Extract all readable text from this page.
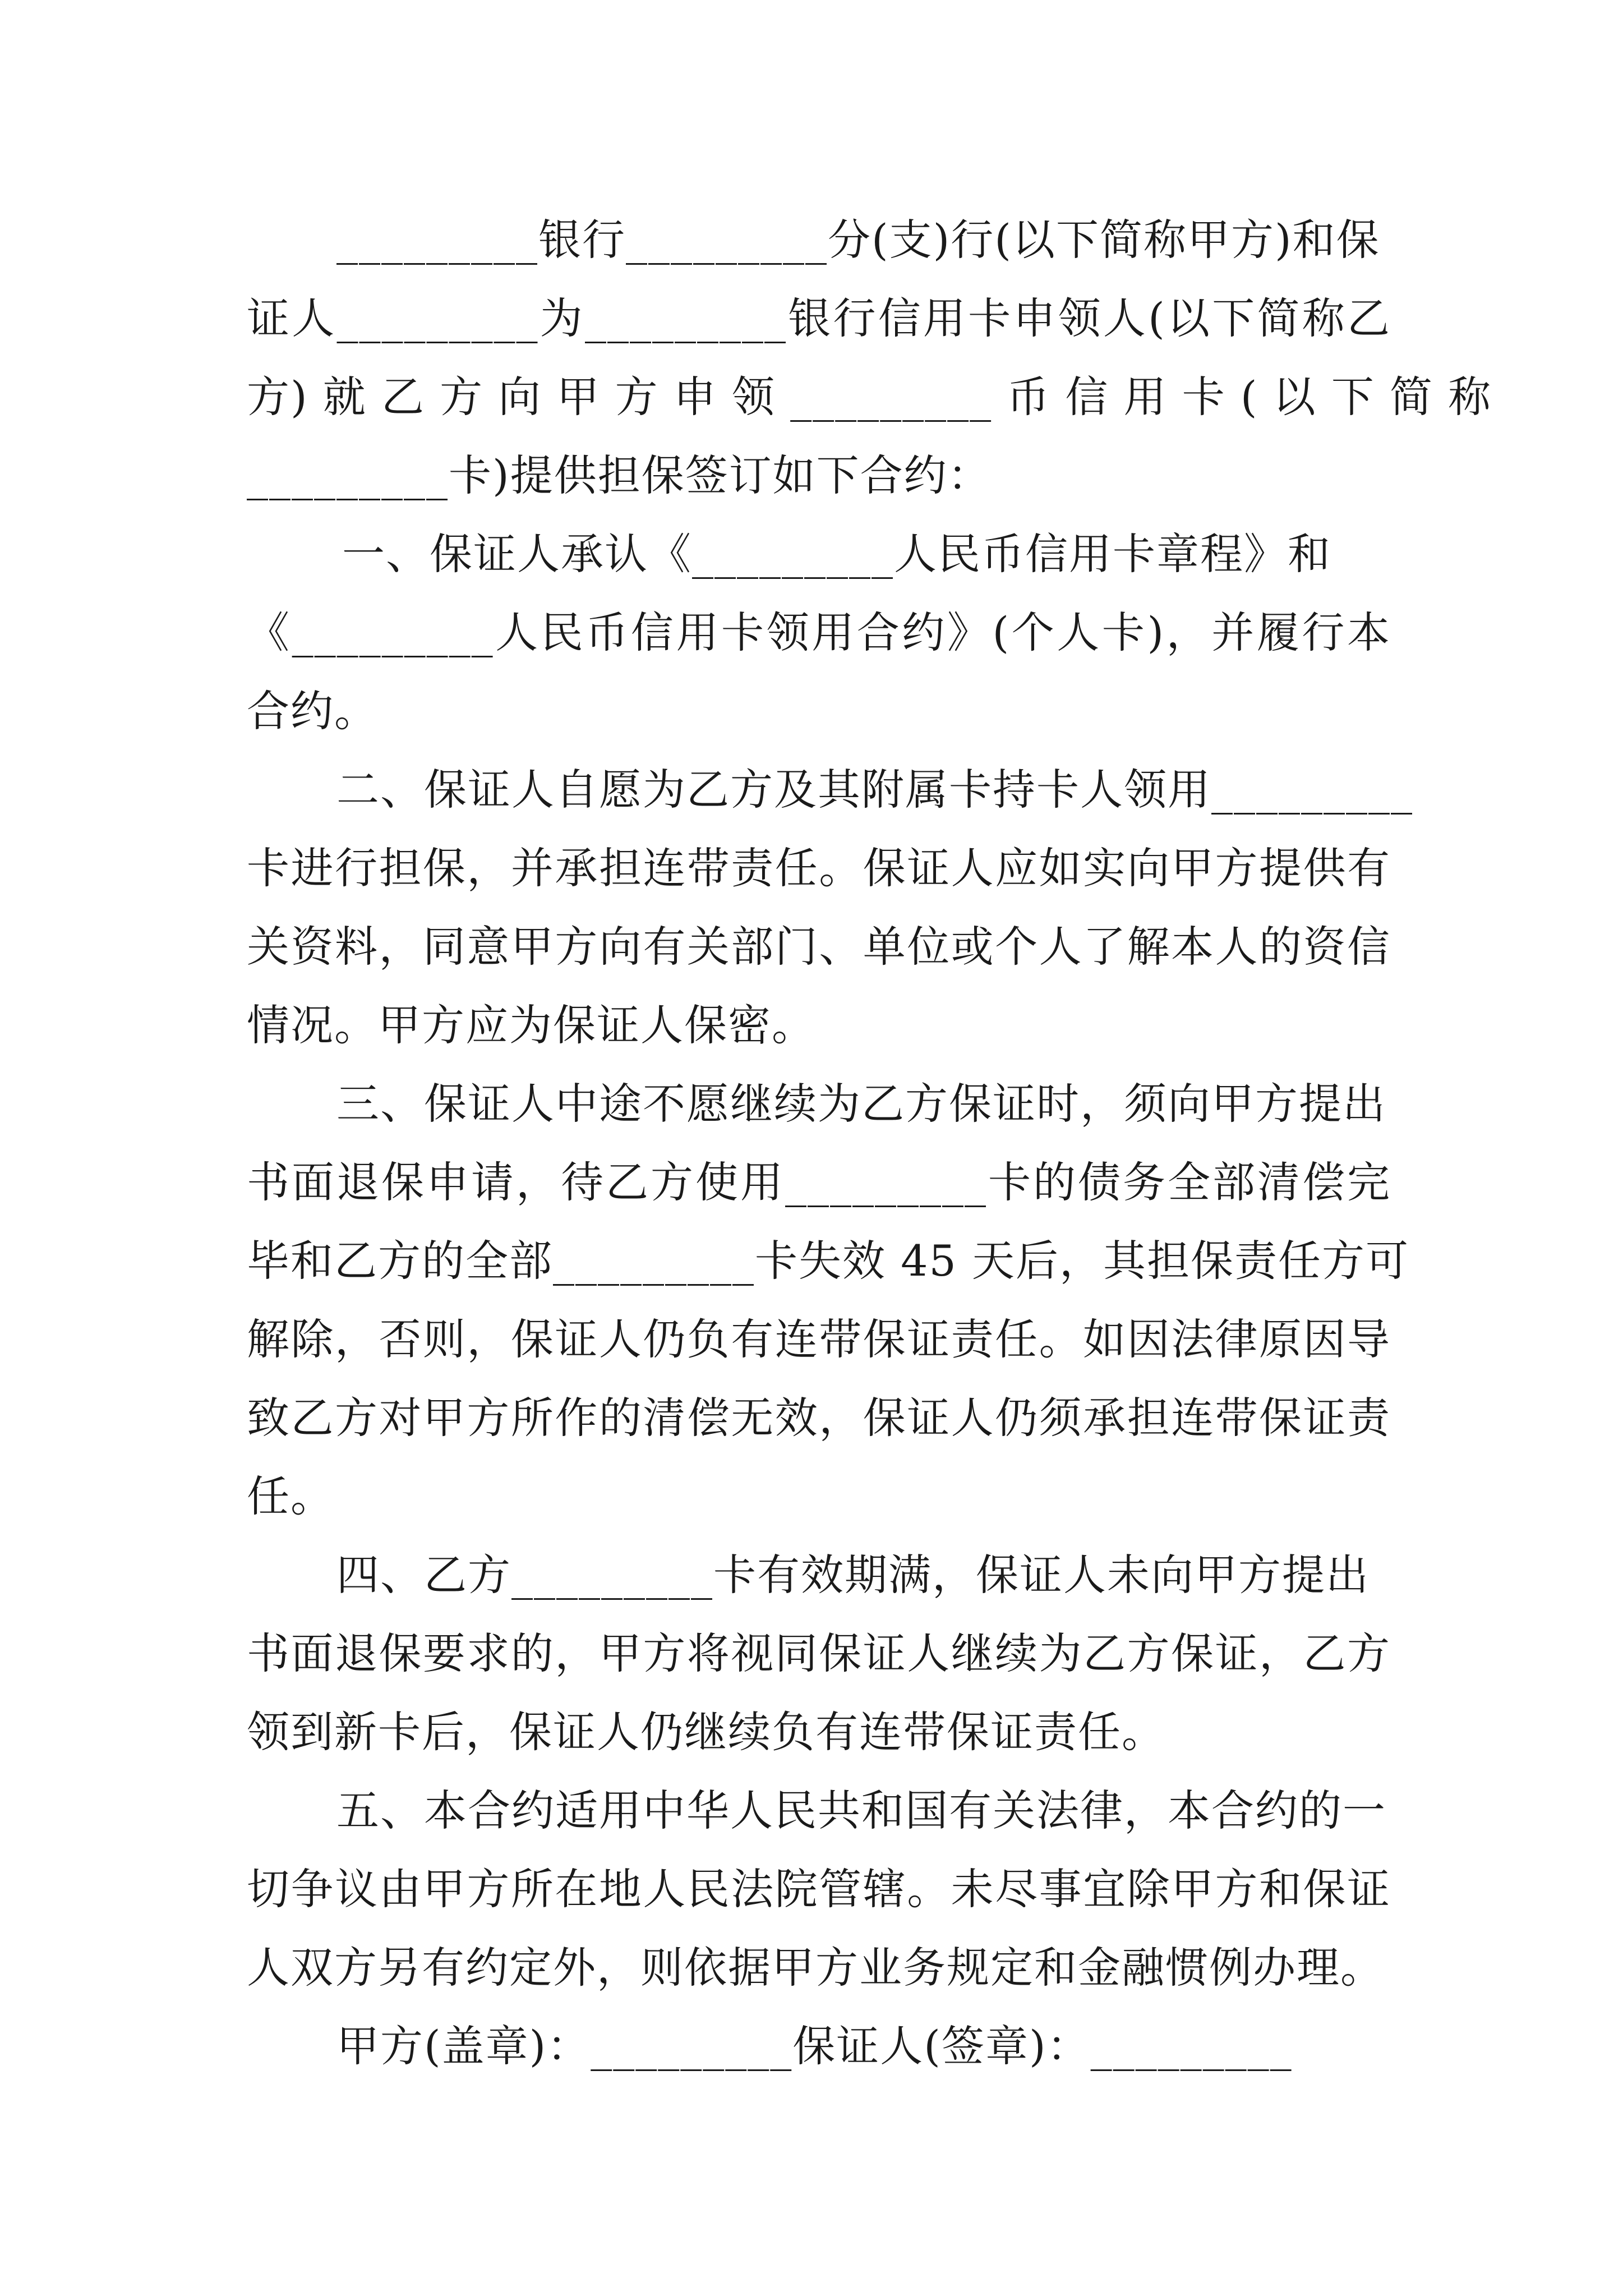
_________银行_________分(支)行(以下简称甲方)和保
证人_________为_________银行信用卡申领人(以下简称乙
方) 就 乙 方 向 甲 方 申 领 _________ 币 信 用 卡 ( 以 下 简 称
_________卡)提供担保签订如下合约：
一、保证人承认《_________人民币信用卡章程》和
《_________人民币信用卡领用合约》(个人卡)，并履行本
合约。
二、保证人自愿为乙方及其附属卡持卡人领用_________
卡进行担保，并承担连带责任。保证人应如实向甲方提供有
关资料，同意甲方向有关部门、单位或个人了解本人的资信
情况。甲方应为保证人保密。
三、保证人中途不愿继续为乙方保证时，须向甲方提出
书面退保申请，待乙方使用_________卡的债务全部清偿完
毕和乙方的全部_________卡失效 45 天后，其担保责任方可
解除，否则，保证人仍负有连带保证责任。如因法律原因导
致乙方对甲方所作的清偿无效，保证人仍须承担连带保证责
任。
四、乙方_________卡有效期满，保证人未向甲方提出
书面退保要求的，甲方将视同保证人继续为乙方保证，乙方
领到新卡后，保证人仍继续负有连带保证责任。
五、本合约适用中华人民共和国有关法律，本合约的一
切争议由甲方所在地人民法院管辖。未尽事宜除甲方和保证
人双方另有约定外，则依据甲方业务规定和金融惯例办理。
甲方(盖章)：_________保证人(签章)：_________
